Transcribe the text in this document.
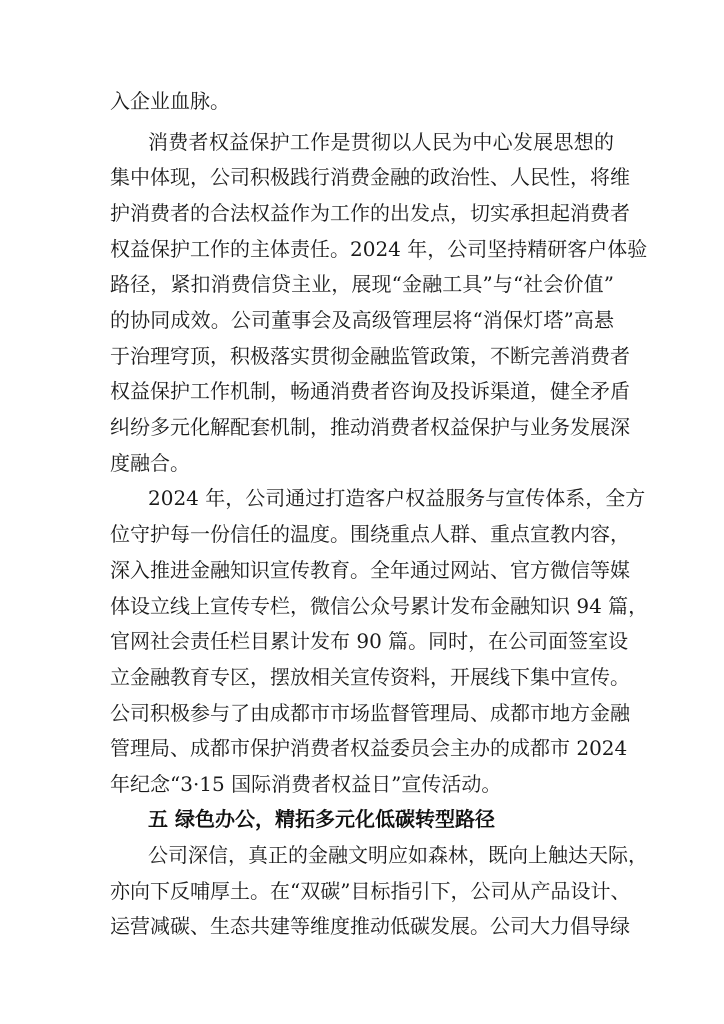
入企业血脉。
消费者权益保护工作是贯彻以人民为中心发展思想的
集中体现，公司积极践行消费金融的政治性、人民性，将维
护消费者的合法权益作为工作的出发点，切实承担起消费者
权益保护工作的主体责任。2024 年，公司坚持精研客户体验
路径，紧扣消费信贷主业，展现“金融工具”与“社会价值”
的协同成效。公司董事会及高级管理层将“消保灯塔”高悬
于治理穹顶，积极落实贯彻金融监管政策，不断完善消费者
权益保护工作机制，畅通消费者咨询及投诉渠道，健全矛盾
纠纷多元化解配套机制，推动消费者权益保护与业务发展深
度融合。
2024 年，公司通过打造客户权益服务与宣传体系，全方
位守护每一份信任的温度。围绕重点人群、重点宣教内容，
深入推进金融知识宣传教育。全年通过网站、官方微信等媒
体设立线上宣传专栏，微信公众号累计发布金融知识 94 篇，
官网社会责任栏目累计发布 90 篇。同时，在公司面签室设
立金融教育专区，摆放相关宣传资料，开展线下集中宣传。
公司积极参与了由成都市市场监督管理局、成都市地方金融
管理局、成都市保护消费者权益委员会主办的成都市 2024
年纪念“3·15 国际消费者权益日”宣传活动。
五 绿色办公，精拓多元化低碳转型路径
公司深信，真正的金融文明应如森林，既向上触达天际，
亦向下反哺厚土。在“双碳”目标指引下，公司从产品设计、
运营减碳、生态共建等维度推动低碳发展。公司大力倡导绿
